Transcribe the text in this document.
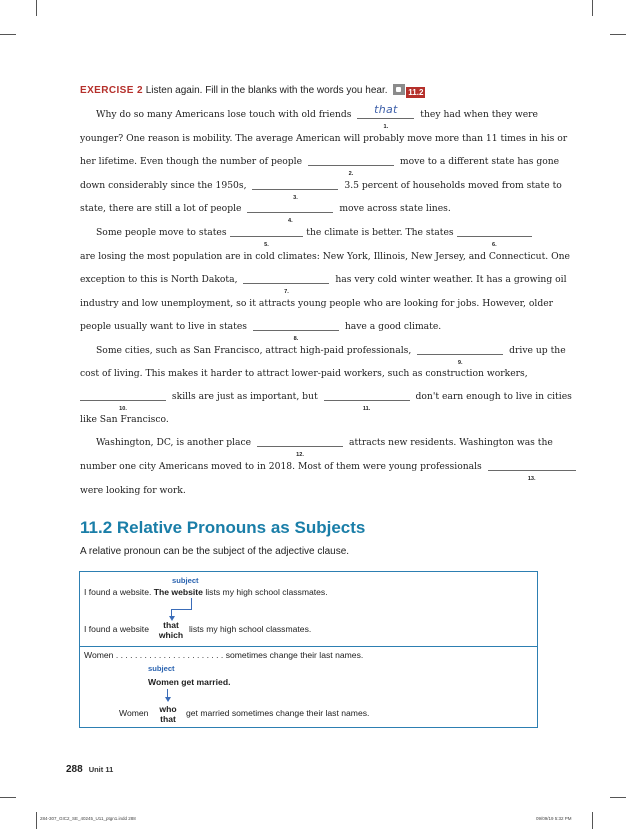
EXERCISE 2 Listen again. Fill in the blanks with the words you hear.	11.2
Why do so many Americans lose touch with old friends	that
1.
they had when they were
younger? One reason is mobility. The average American will probably move more than 11 times in his or
her lifetime. Even though the number of people
2.
move to a different state has gone
down considerably since the 1950s,
3.
3.5 percent of households moved from state to
state, there are still a lot of people
4.
move across state lines.
Some people move to states
5.
the climate is better. The states
6.
are losing the most population are in cold climates: New York, Illinois, New Jersey, and Connecticut. One
exception to this is North Dakota,
7.
has very cold winter weather. It has a growing oil
industry and low unemployment, so it attracts young people who are looking for jobs. However, older
people usually want to live in states
8.
have a good climate.
Some cities, such as San Francisco, attract high-paid professionals,
9.
drive up the
cost of living. This makes it harder to attract lower-paid workers, such as construction workers,
10.
skills are just as important, but
11.
don't earn enough to live in cities
like San Francisco.
Washington, DC, is another place
12.
attracts new residents. Washington was the
number one city Americans moved to in 2018. Most of them were young professionals
13.
were looking for work.
11.2 Relative Pronouns as Subjects
A relative pronoun can be the subject of the adjective clause.
subject
I found a website. The website lists my high school classmates.
I found a website	that
which
lists my high school classmates.
Women . . . . . . . . . . . . . . . . . . . . . . . sometimes change their last names.
subject
Women get married.
Women	who
that
get married sometimes change their last names.
288 Unit 11
284-307_GIC2_SE_40245_U11_ptgn1.indd 288	09/09/19 5:32 PM
